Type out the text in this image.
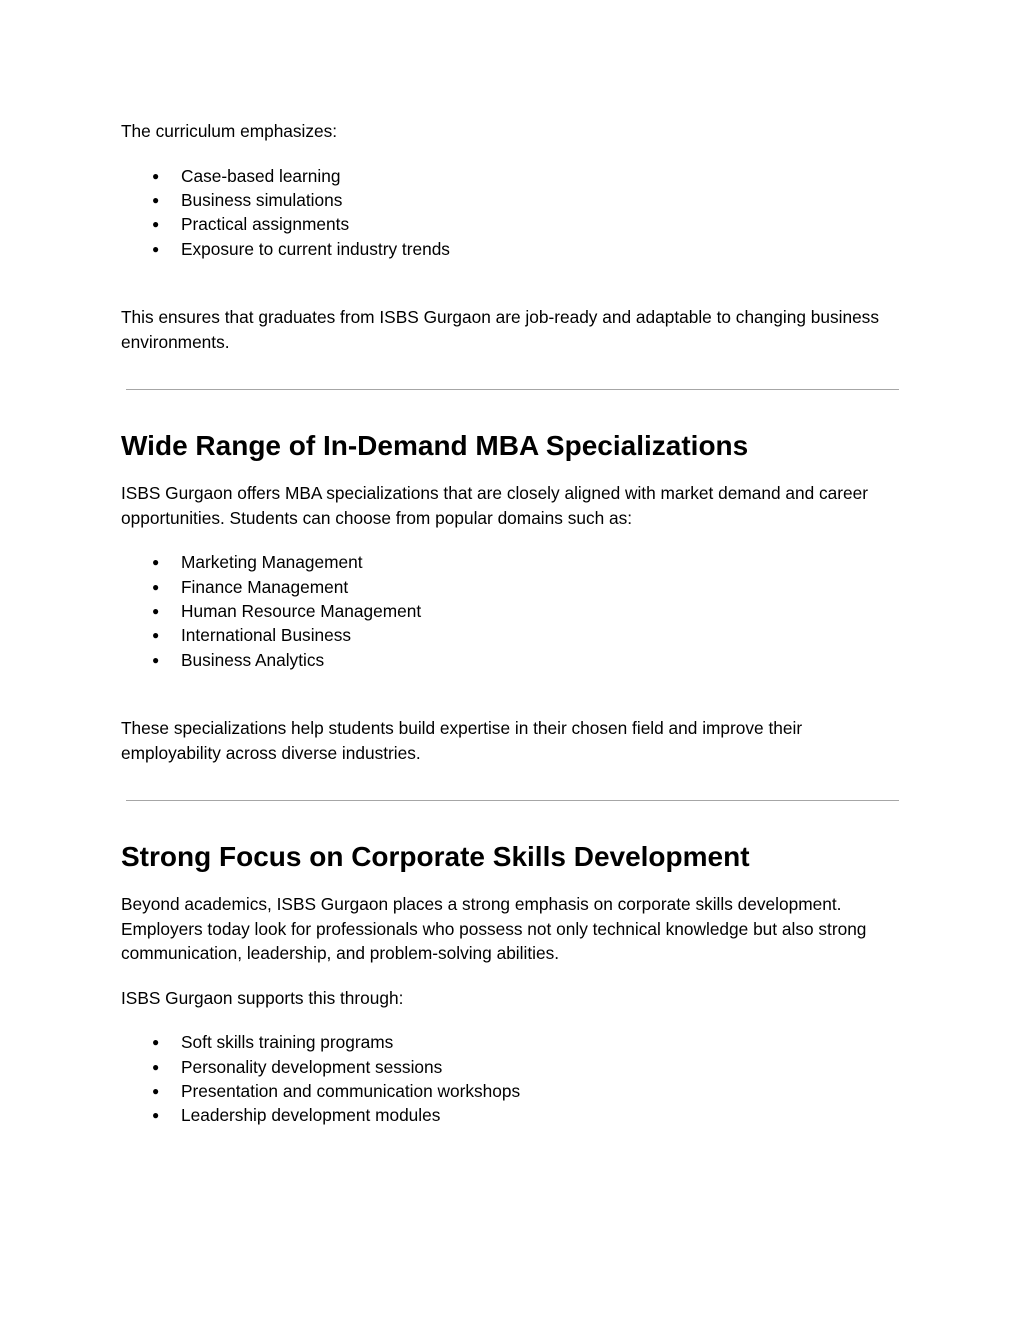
The curriculum emphasizes:

● Case-based learning
● Business simulations
● Practical assignments
● Exposure to current industry trends

This ensures that graduates from ISBS Gurgaon are job-ready and adaptable to changing business environments.

Wide Range of In-Demand MBA Specializations

ISBS Gurgaon offers MBA specializations that are closely aligned with market demand and career opportunities. Students can choose from popular domains such as:

● Marketing Management
● Finance Management
● Human Resource Management
● International Business
● Business Analytics

These specializations help students build expertise in their chosen field and improve their employability across diverse industries.

Strong Focus on Corporate Skills Development

Beyond academics, ISBS Gurgaon places a strong emphasis on corporate skills development. Employers today look for professionals who possess not only technical knowledge but also strong communication, leadership, and problem-solving abilities.

ISBS Gurgaon supports this through:

● Soft skills training programs
● Personality development sessions
● Presentation and communication workshops
● Leadership development modules
